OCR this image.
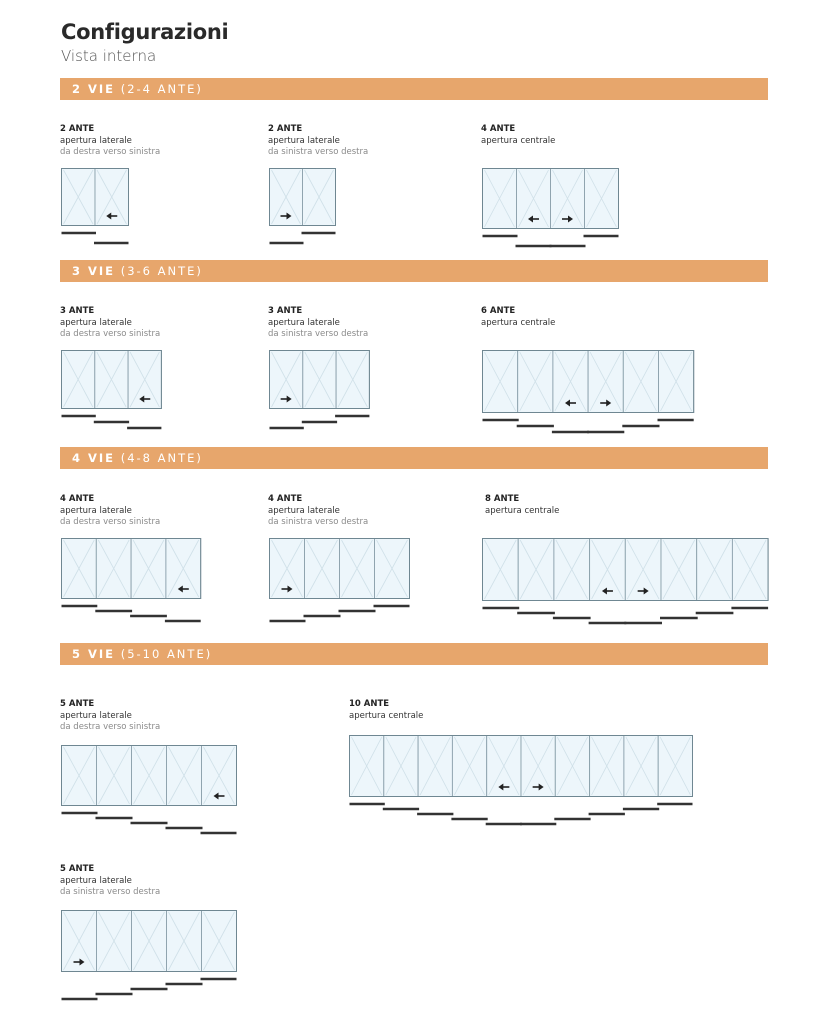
Configurazioni
Vista interna
2 VIE (2-4 ANTE)
3 VIE (3-6 ANTE)
4 VIE (4-8 ANTE)
5 VIE (5-10 ANTE)
2 ANTE
apertura laterale
da destra verso sinistra
2 ANTE
apertura laterale
da sinistra verso destra
4 ANTE
apertura centrale
3 ANTE
apertura laterale
da destra verso sinistra
3 ANTE
apertura laterale
da sinistra verso destra
6 ANTE
apertura centrale
4 ANTE
apertura laterale
da destra verso sinistra
4 ANTE
apertura laterale
da sinistra verso destra
8 ANTE
apertura centrale
5 ANTE
apertura laterale
da destra verso sinistra
10 ANTE
apertura centrale
5 ANTE
apertura laterale
da sinistra verso destra
